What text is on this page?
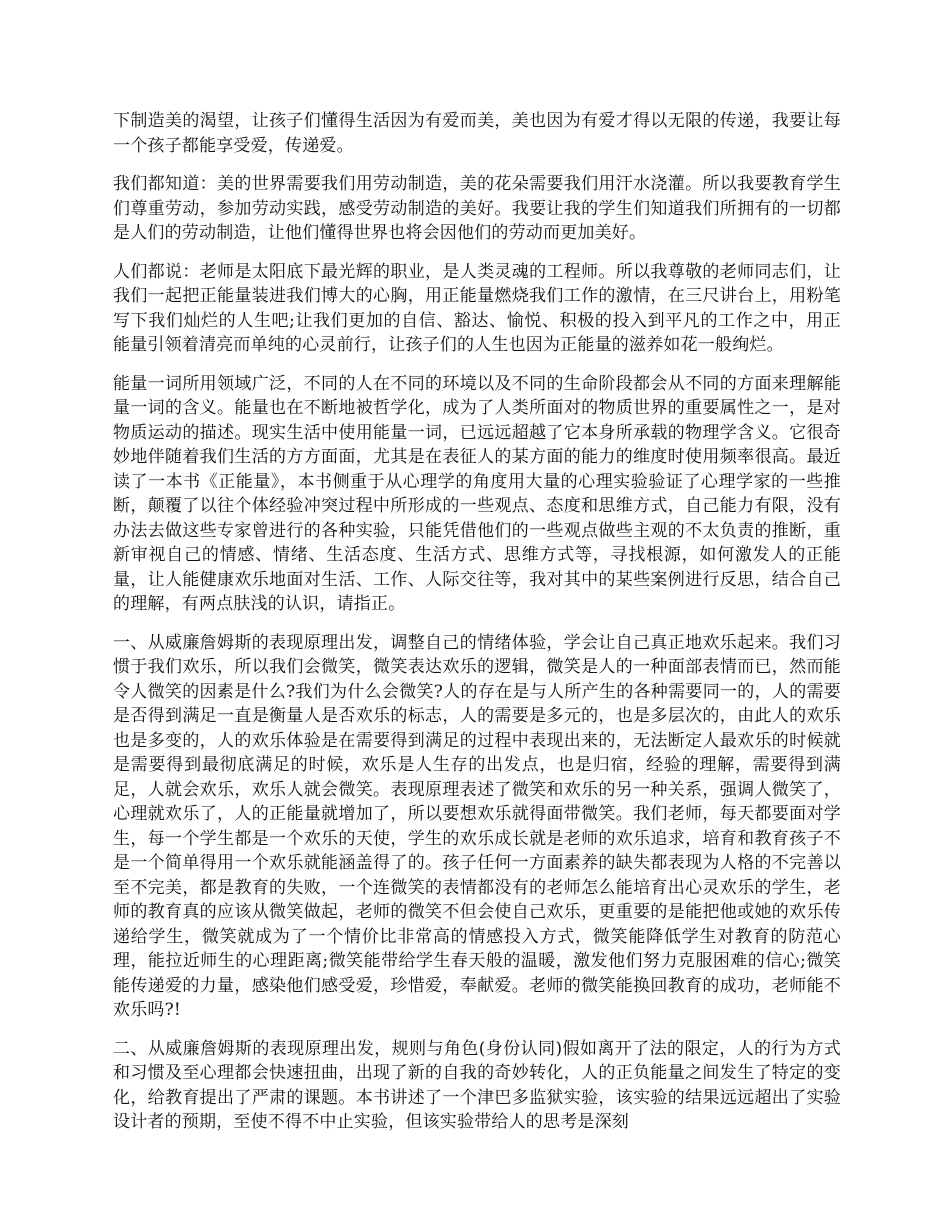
下制造美的渴望，让孩子们懂得生活因为有爱而美，美也因为有爱才得以无限的传递，我要让每一个孩子都能享受爱，传递爱。

我们都知道：美的世界需要我们用劳动制造，美的花朵需要我们用汗水浇灌。所以我要教育学生们尊重劳动，参加劳动实践，感受劳动制造的美好。我要让我的学生们知道我们所拥有的一切都是人们的劳动制造，让他们懂得世界也将会因他们的劳动而更加美好。

人们都说：老师是太阳底下最光辉的职业，是人类灵魂的工程师。所以我尊敬的老师同志们，让我们一起把正能量装进我们博大的心胸，用正能量燃烧我们工作的激情，在三尺讲台上，用粉笔写下我们灿烂的人生吧;让我们更加的自信、豁达、愉悦、积极的投入到平凡的工作之中，用正能量引领着清亮而单纯的心灵前行，让孩子们的人生也因为正能量的滋养如花一般绚烂。

能量一词所用领域广泛，不同的人在不同的环境以及不同的生命阶段都会从不同的方面来理解能量一词的含义。能量也在不断地被哲学化，成为了人类所面对的物质世界的重要属性之一，是对物质运动的描述。现实生活中使用能量一词，已远远超越了它本身所承载的物理学含义。它很奇妙地伴随着我们生活的方方面面，尤其是在表征人的某方面的能力的维度时使用频率很高。最近读了一本书《正能量》，本书侧重于从心理学的角度用大量的心理实验验证了心理学家的一些推断，颠覆了以往个体经验冲突过程中所形成的一些观点、态度和思维方式，自己能力有限，没有办法去做这些专家曾进行的各种实验，只能凭借他们的一些观点做些主观的不太负责的推断，重新审视自己的情感、情绪、生活态度、生活方式、思维方式等，寻找根源，如何激发人的正能量，让人能健康欢乐地面对生活、工作、人际交往等，我对其中的某些案例进行反思，结合自己的理解，有两点肤浅的认识，请指正。

一、从威廉詹姆斯的表现原理出发，调整自己的情绪体验，学会让自己真正地欢乐起来。我们习惯于我们欢乐，所以我们会微笑，微笑表达欢乐的逻辑，微笑是人的一种面部表情而已，然而能令人微笑的因素是什么?我们为什么会微笑?人的存在是与人所产生的各种需要同一的，人的需要是否得到满足一直是衡量人是否欢乐的标志，人的需要是多元的，也是多层次的，由此人的欢乐也是多变的，人的欢乐体验是在需要得到满足的过程中表现出来的，无法断定人最欢乐的时候就是需要得到最彻底满足的时候，欢乐是人生存的出发点，也是归宿，经验的理解，需要得到满足，人就会欢乐，欢乐人就会微笑。表现原理表述了微笑和欢乐的另一种关系，强调人微笑了，心理就欢乐了，人的正能量就增加了，所以要想欢乐就得面带微笑。我们老师，每天都要面对学生，每一个学生都是一个欢乐的天使，学生的欢乐成长就是老师的欢乐追求，培育和教育孩子不是一个简单得用一个欢乐就能涵盖得了的。孩子任何一方面素养的缺失都表现为人格的不完善以至不完美，都是教育的失败，一个连微笑的表情都没有的老师怎么能培育出心灵欢乐的学生，老师的教育真的应该从微笑做起，老师的微笑不但会使自己欢乐，更重要的是能把他或她的欢乐传递给学生，微笑就成为了一个情价比非常高的情感投入方式，微笑能降低学生对教育的防范心理，能拉近师生的心理距离;微笑能带给学生春天般的温暖，激发他们努力克服困难的信心;微笑能传递爱的力量，感染他们感受爱，珍惜爱，奉献爱。老师的微笑能换回教育的成功，老师能不欢乐吗?!

二、从威廉詹姆斯的表现原理出发，规则与角色(身份认同)假如离开了法的限定，人的行为方式和习惯及至心理都会快速扭曲，出现了新的自我的奇妙转化，人的正负能量之间发生了特定的变化，给教育提出了严肃的课题。本书讲述了一个津巴多监狱实验，该实验的结果远远超出了实验设计者的预期，至使不得不中止实验，但该实验带给人的思考是深刻
